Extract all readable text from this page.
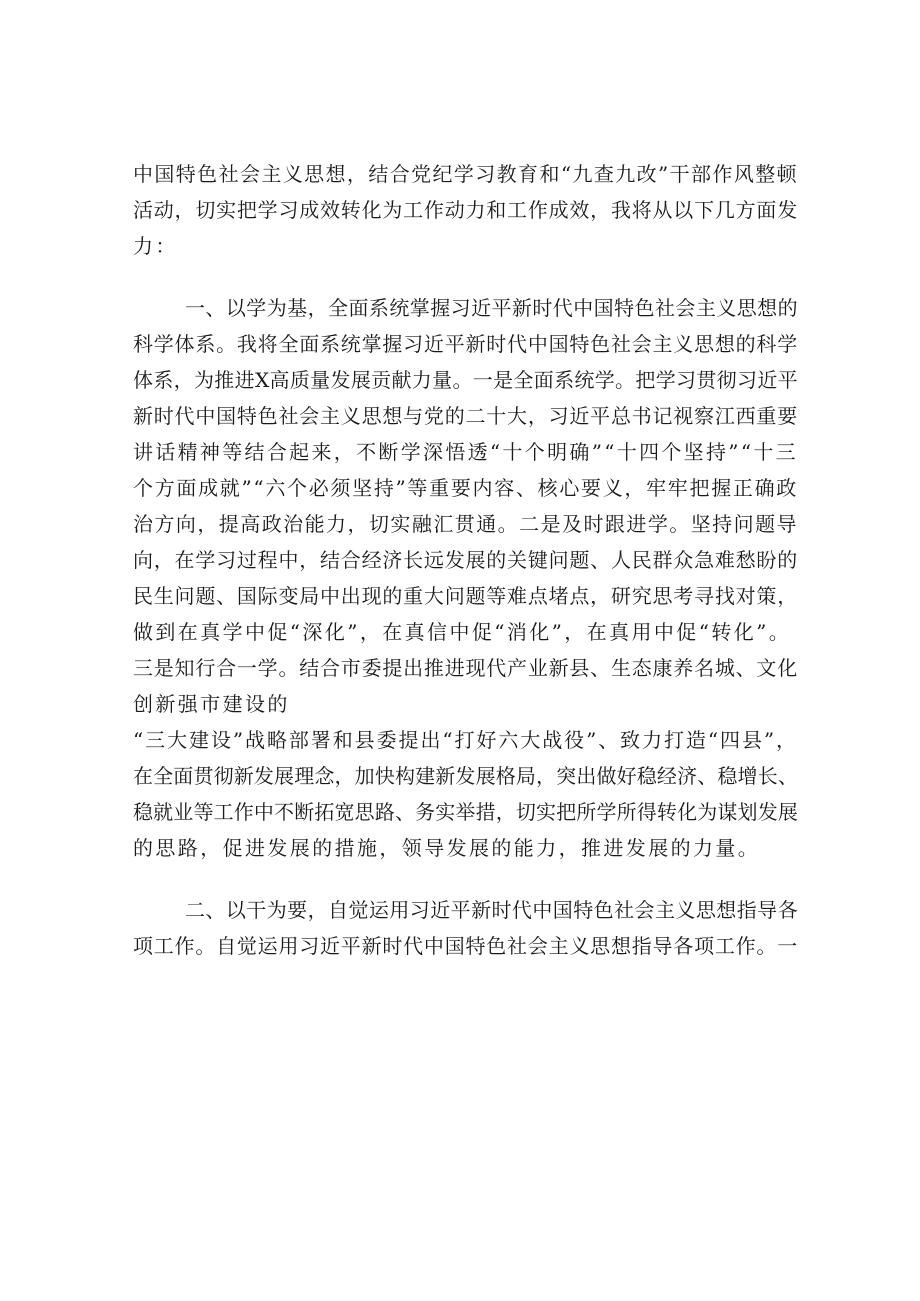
中国特色社会主义思想，结合党纪学习教育和“九查九改”干部作风整顿
活动，切实把学习成效转化为工作动力和工作成效，我将从以下几方面发
力：
一、以学为基，全面系统掌握习近平新时代中国特色社会主义思想的
科学体系。我将全面系统掌握习近平新时代中国特色社会主义思想的科学
体系，为推进X高质量发展贡献力量。一是全面系统学。把学习贯彻习近平
新时代中国特色社会主义思想与党的二十大，习近平总书记视察江西重要
讲话精神等结合起来，不断学深悟透“十个明确”“十四个坚持”“十三
个方面成就”“六个必须坚持”等重要内容、核心要义，牢牢把握正确政
治方向，提高政治能力，切实融汇贯通。二是及时跟进学。坚持问题导
向，在学习过程中，结合经济长远发展的关键问题、人民群众急难愁盼的
民生问题、国际变局中出现的重大问题等难点堵点，研究思考寻找对策，
做到在真学中促“深化”，在真信中促“消化”，在真用中促“转化”。
三是知行合一学。结合市委提出推进现代产业新县、生态康养名城、文化
创新强市建设的
“三大建设”战略部署和县委提出“打好六大战役”、致力打造“四县”，
在全面贯彻新发展理念，加快构建新发展格局，突出做好稳经济、稳增长、
稳就业等工作中不断拓宽思路、务实举措，切实把所学所得转化为谋划发展
的思路，促进发展的措施，领导发展的能力，推进发展的力量。
二、以干为要，自觉运用习近平新时代中国特色社会主义思想指导各
项工作。自觉运用习近平新时代中国特色社会主义思想指导各项工作。一
